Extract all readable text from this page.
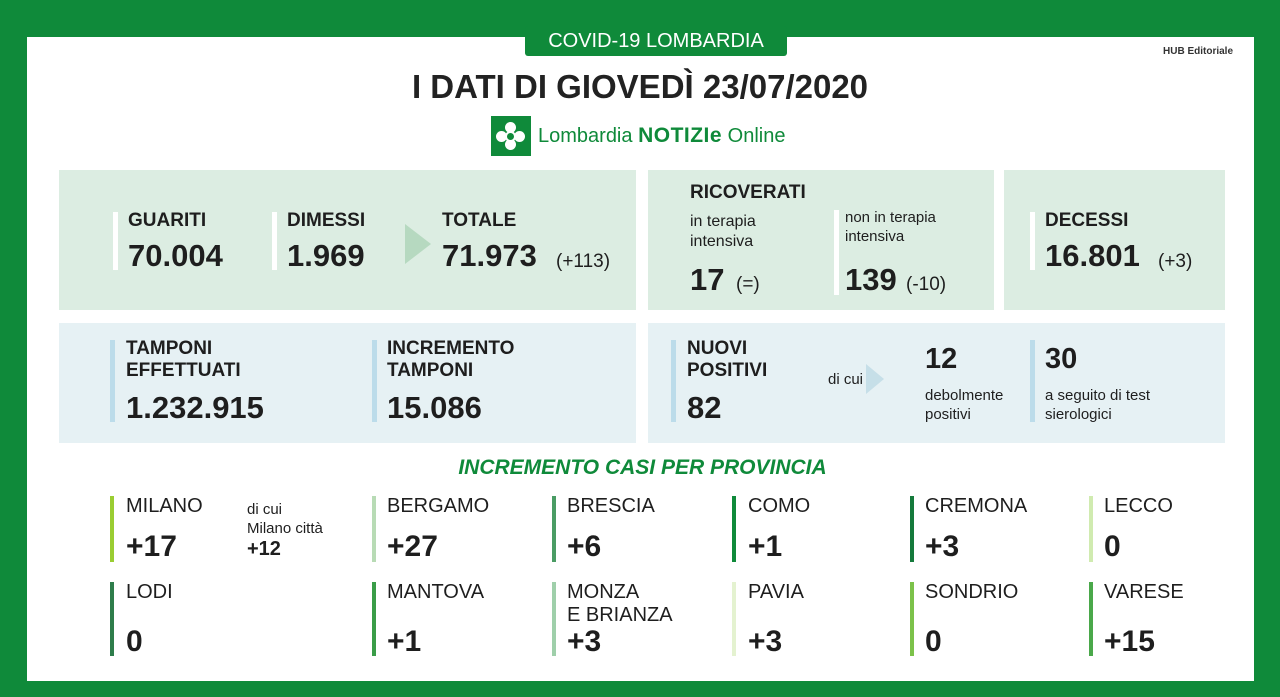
COVID-19 LOMBARDIA	HUB Editoriale
I DATI DI GIOVEDÌ 23/07/2020
Lombardia NOTIZIe Online
GUARITI
70.004
DIMESSI
1.969
TOTALE
71.973 (+113)
RICOVERATI
in terapia
intensiva
17 (=)
non in terapia
intensiva
139 (-10)
DECESSI
16.801 (+3)
TAMPONI
EFFETTUATI
1.232.915
INCREMENTO
TAMPONI
15.086
NUOVI
POSITIVI
82
di cui
12
debolmente
positivi
30
a seguito di test
sierologici
INCREMENTO CASI PER PROVINCIA
MILANO
+17
di cui
Milano città
+12
BERGAMO
+27
BRESCIA
+6
COMO
+1
CREMONA
+3
LECCO
0
LODI
0
MANTOVA
+1
MONZA
E BRIANZA
+3
PAVIA
+3
SONDRIO
0
VARESE
+15
